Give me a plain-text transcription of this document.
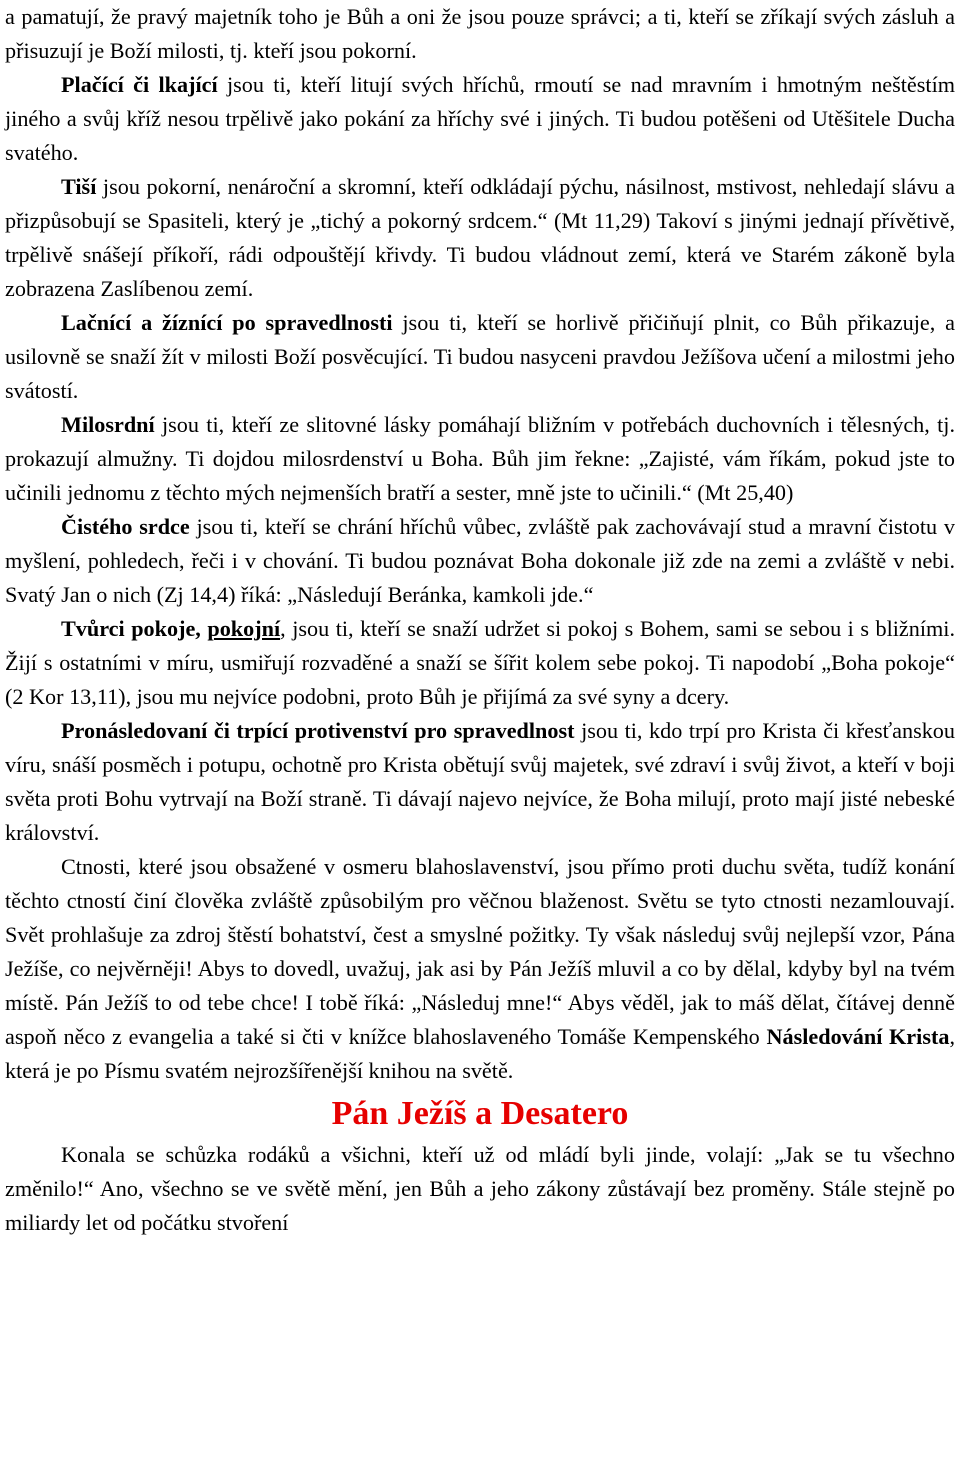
a pamatují, že pravý majetník toho je Bůh a oni že jsou pouze správci; a ti, kteří se zříkají svých zásluh a přisuzují je Boží milosti, tj. kteří jsou pokorní.

Plačící či lkající jsou ti, kteří litují svých hříchů, rmoutí se nad mravním i hmotným neštěstím jiného a svůj kříž nesou trpělivě jako pokání za hříchy své i jiných. Ti budou potěšeni od Utěšitele Ducha svatého.

Tiší jsou pokorní, nenároční a skromní, kteří odkládají pýchu, násilnost, mstivost, nehledají slávu a přizpůsobují se Spasiteli, který je „tichý a pokorný srdcem.“ (Mt 11,29) Takoví s jinými jednají přívětivě, trpělivě snášejí příkoří, rádi odpouštějí křivdy. Ti budou vládnout zemí, která ve Starém zákoně byla zobrazena Zaslíbenou zemí.

Lačnící a žíznící po spravedlnosti jsou ti, kteří se horlivě přičiňují plnit, co Bůh přikazuje, a usilovně se snaží žít v milosti Boží posvěcující. Ti budou nasyceni pravdou Ježíšova učení a milostmi jeho svátostí.

Milosrdní jsou ti, kteří ze slitovné lásky pomáhají bližním v potřebách duchovních i tělesných, tj. prokazují almužny. Ti dojdou milosrdenství u Boha. Bůh jim řekne: „Zajisté, vám říkám, pokud jste to učinili jednomu z těchto mých nejmenších bratří a sester, mně jste to učinili.“ (Mt 25,40)

Čistého srdce jsou ti, kteří se chrání hříchů vůbec, zvláště pak zachovávají stud a mravní čistotu v myšlení, pohledech, řeči i v chování. Ti budou poznávat Boha dokonale již zde na zemi a zvláště v nebi. Svatý Jan o nich (Zj 14,4) říká: „Následují Beránka, kamkoli jde.“

Tvůrci pokoje, pokojní, jsou ti, kteří se snaží udržet si pokoj s Bohem, sami se sebou i s bližními. Žijí s ostatními v míru, usmiřují rozvaděné a snaží se šířit kolem sebe pokoj. Ti napodobí „Boha pokoje“ (2 Kor 13,11), jsou mu nejvíce podobni, proto Bůh je přijímá za své syny a dcery.

Pronásledovaní či trpící protivenství pro spravedlnost jsou ti, kdo trpí pro Krista či křesťanskou víru, snáší posměch i potupu, ochotně pro Krista obětují svůj majetek, své zdraví i svůj život, a kteří v boji světa proti Bohu vytrvají na Boží straně. Ti dávají najevo nejvíce, že Boha milují, proto mají jisté nebeské království.

Ctnosti, které jsou obsažené v osmeru blahoslavenství, jsou přímo proti duchu světa, tudíž konání těchto ctností činí člověka zvláště způsobilým pro věčnou blaženost. Světu se tyto ctnosti nezamlouvají. Svět prohlašuje za zdroj štěstí bohatství, čest a smyslné požitky. Ty však následuj svůj nejlepší vzor, Pána Ježíše, co nejvěrněji! Abys to dovedl, uvažuj, jak asi by Pán Ježíš mluvil a co by dělal, kdyby byl na tvém místě. Pán Ježíš to od tebe chce! I tobě říká: „Následuj mne!“ Abys věděl, jak to máš dělat, čítávej denně aspoň něco z evangelia a také si čti v knížce blahoslaveného Tomáše Kempenského Následování Krista, která je po Písmu svatém nejrozšířenější knihou na světě.

Pán Ježíš a Desatero

Konala se schůzka rodáků a všichni, kteří už od mládí byli jinde, volají: „Jak se tu všechno změnilo!“ Ano, všechno se ve světě mění, jen Bůh a jeho zákony zůstávají bez proměny. Stále stejně po miliardy let od počátku stvoření
